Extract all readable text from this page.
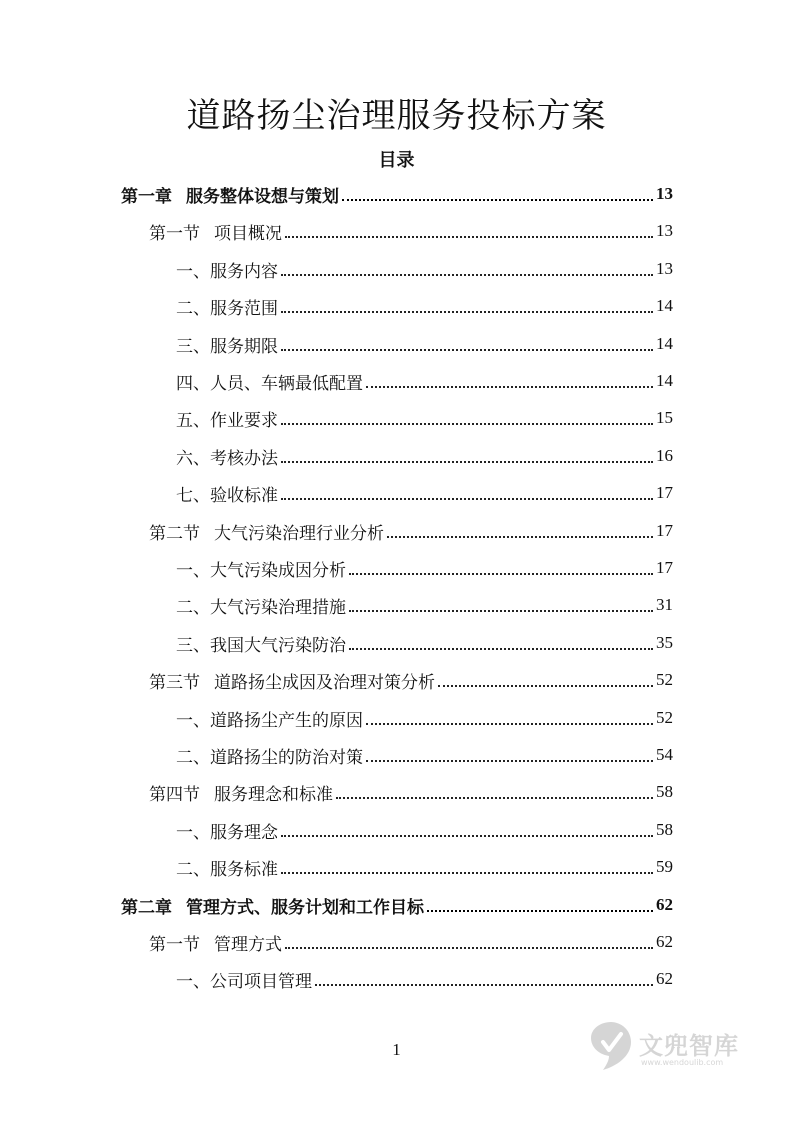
道路扬尘治理服务投标方案
目录
第一章 服务整体设想与策划	13
第一节 项目概况	13
一、服务内容	13
二、服务范围	14
三、服务期限	14
四、人员、车辆最低配置	14
五、作业要求	15
六、考核办法	16
七、验收标准	17
第二节 大气污染治理行业分析	17
一、大气污染成因分析	17
二、大气污染治理措施	31
三、我国大气污染防治	35
第三节 道路扬尘成因及治理对策分析	52
一、道路扬尘产生的原因	52
二、道路扬尘的防治对策	54
第四节 服务理念和标准	58
一、服务理念	58
二、服务标准	59
第二章 管理方式、服务计划和工作目标	62
第一节 管理方式	62
一、公司项目管理	62
1	文兜智库
www.wendoulib.com
